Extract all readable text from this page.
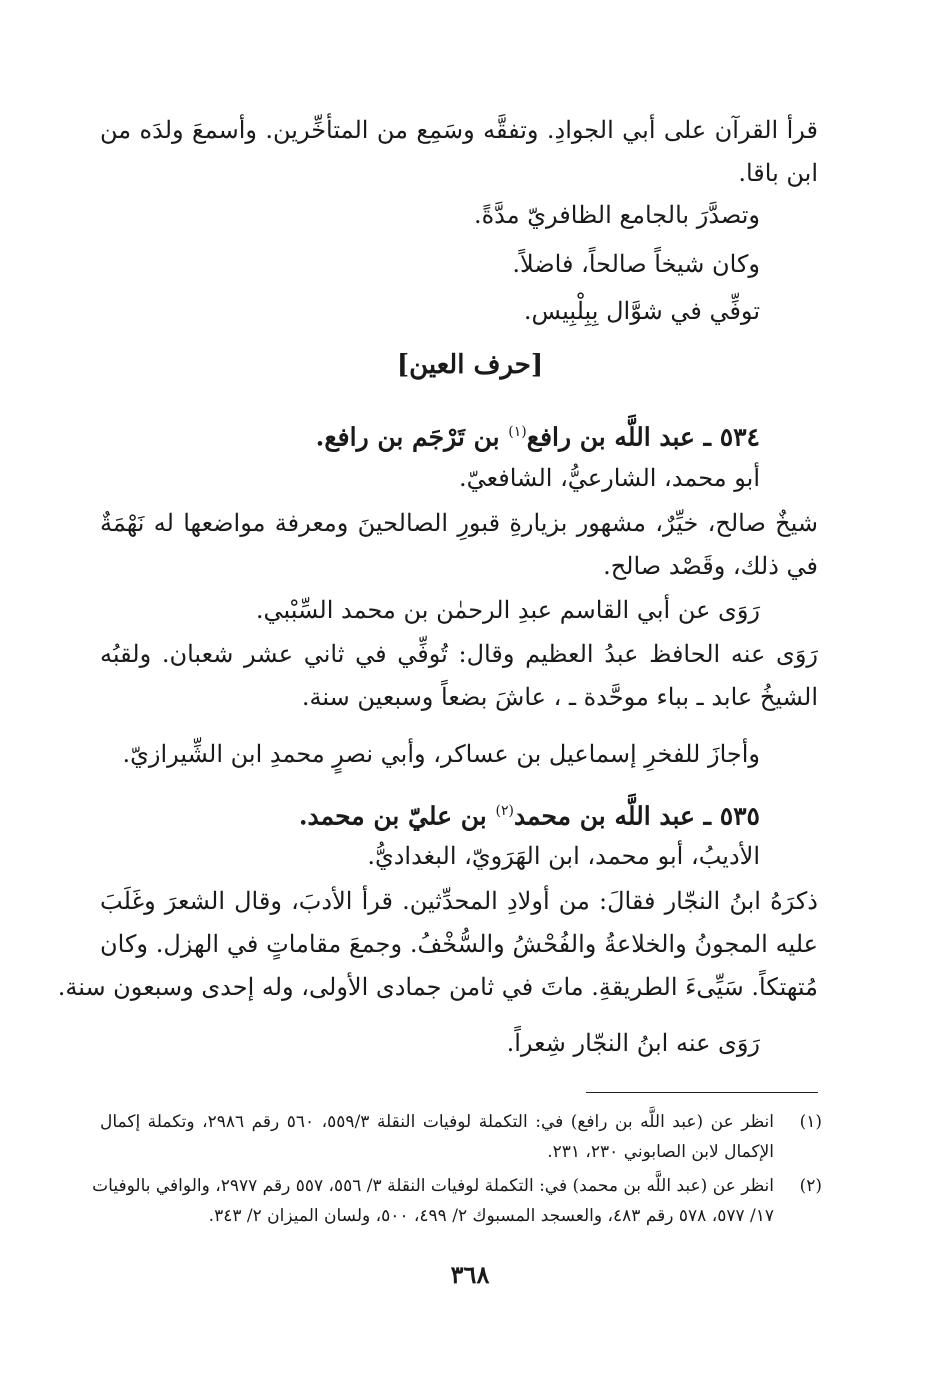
قرأ القرآن على أبي الجوادِ. وتفقَّه وسَمِع من المتأخِّرين. وأسمعَ ولدَه من
ابن باقا.
وتصدَّرَ بالجامع الظافريّ مدَّةً.
وكان شيخاً صالحاً، فاضلاً.
توفِّي في شوَّال بِبِلْبِيس.
[حرف العين]
٥٣٤ ـ عبد اللَّه بن رافع$^{(١)}$ بن تَرْجَم بن رافع.
أبو محمد، الشارعيُّ، الشافعيّ.
شيخٌ صالح، خيِّرٌ، مشهور بزيارةِ قبورِ الصالحينَ ومعرفة مواضعها له نَهْمَةٌ
في ذلك، وقَصْد صالح.
رَوَى عن أبي القاسم عبدِ الرحمٰن بن محمد السِّبْبي.
رَوَى عنه الحافظ عبدُ العظيم وقال: تُوفِّي في ثاني عشر شعبان. ولقبُه
الشيخُ عابد ـ بباء موحَّدة ـ ، عاشَ بضعاً وسبعين سنة.
وأجازَ للفخرِ إسماعيل بن عساكر، وأبي نصرٍ محمدِ ابن الشِّيرازيّ.
٥٣٥ ـ عبد اللَّه بن محمد$^{(٢)}$ بن عليّ بن محمد.
الأديبُ، أبو محمد، ابن الهَرَويّ، البغداديُّ.
ذكرَهُ ابنُ النجّار فقالَ: من أولادِ المحدِّثين. قرأ الأدبَ، وقال الشعرَ وغَلَبَ
عليه المجونُ والخلاعةُ والفُحْشُ والسُّخْفُ. وجمعَ مقاماتٍ في الهزل. وكان
مُتهتكاً. سَيِّىءَ الطريقةِ. ماتَ في ثامن جمادى الأولى، وله إحدى وسبعون سنة.
رَوَى عنه ابنُ النجّار شِعراً.
(١)
انظر عن (عبد اللَّه بن رافع) في: التكملة لوفيات النقلة ٥٥٩/٣، ٥٦٠ رقم ٢٩٨٦، وتكملة إكمال
الإكمال لابن الصابوني ٢٣٠، ٢٣١.
(٢)
انظر عن (عبد اللَّه بن محمد) في: التكملة لوفيات النقلة ٣/ ٥٥٦، ٥٥٧ رقم ٢٩٧٧، والوافي بالوفيات
١٧/ ٥٧٧، ٥٧٨ رقم ٤٨٣، والعسجد المسبوك ٢/ ٤٩٩، ٥٠٠، ولسان الميزان ٢/ ٣٤٣.
٣٦٨
